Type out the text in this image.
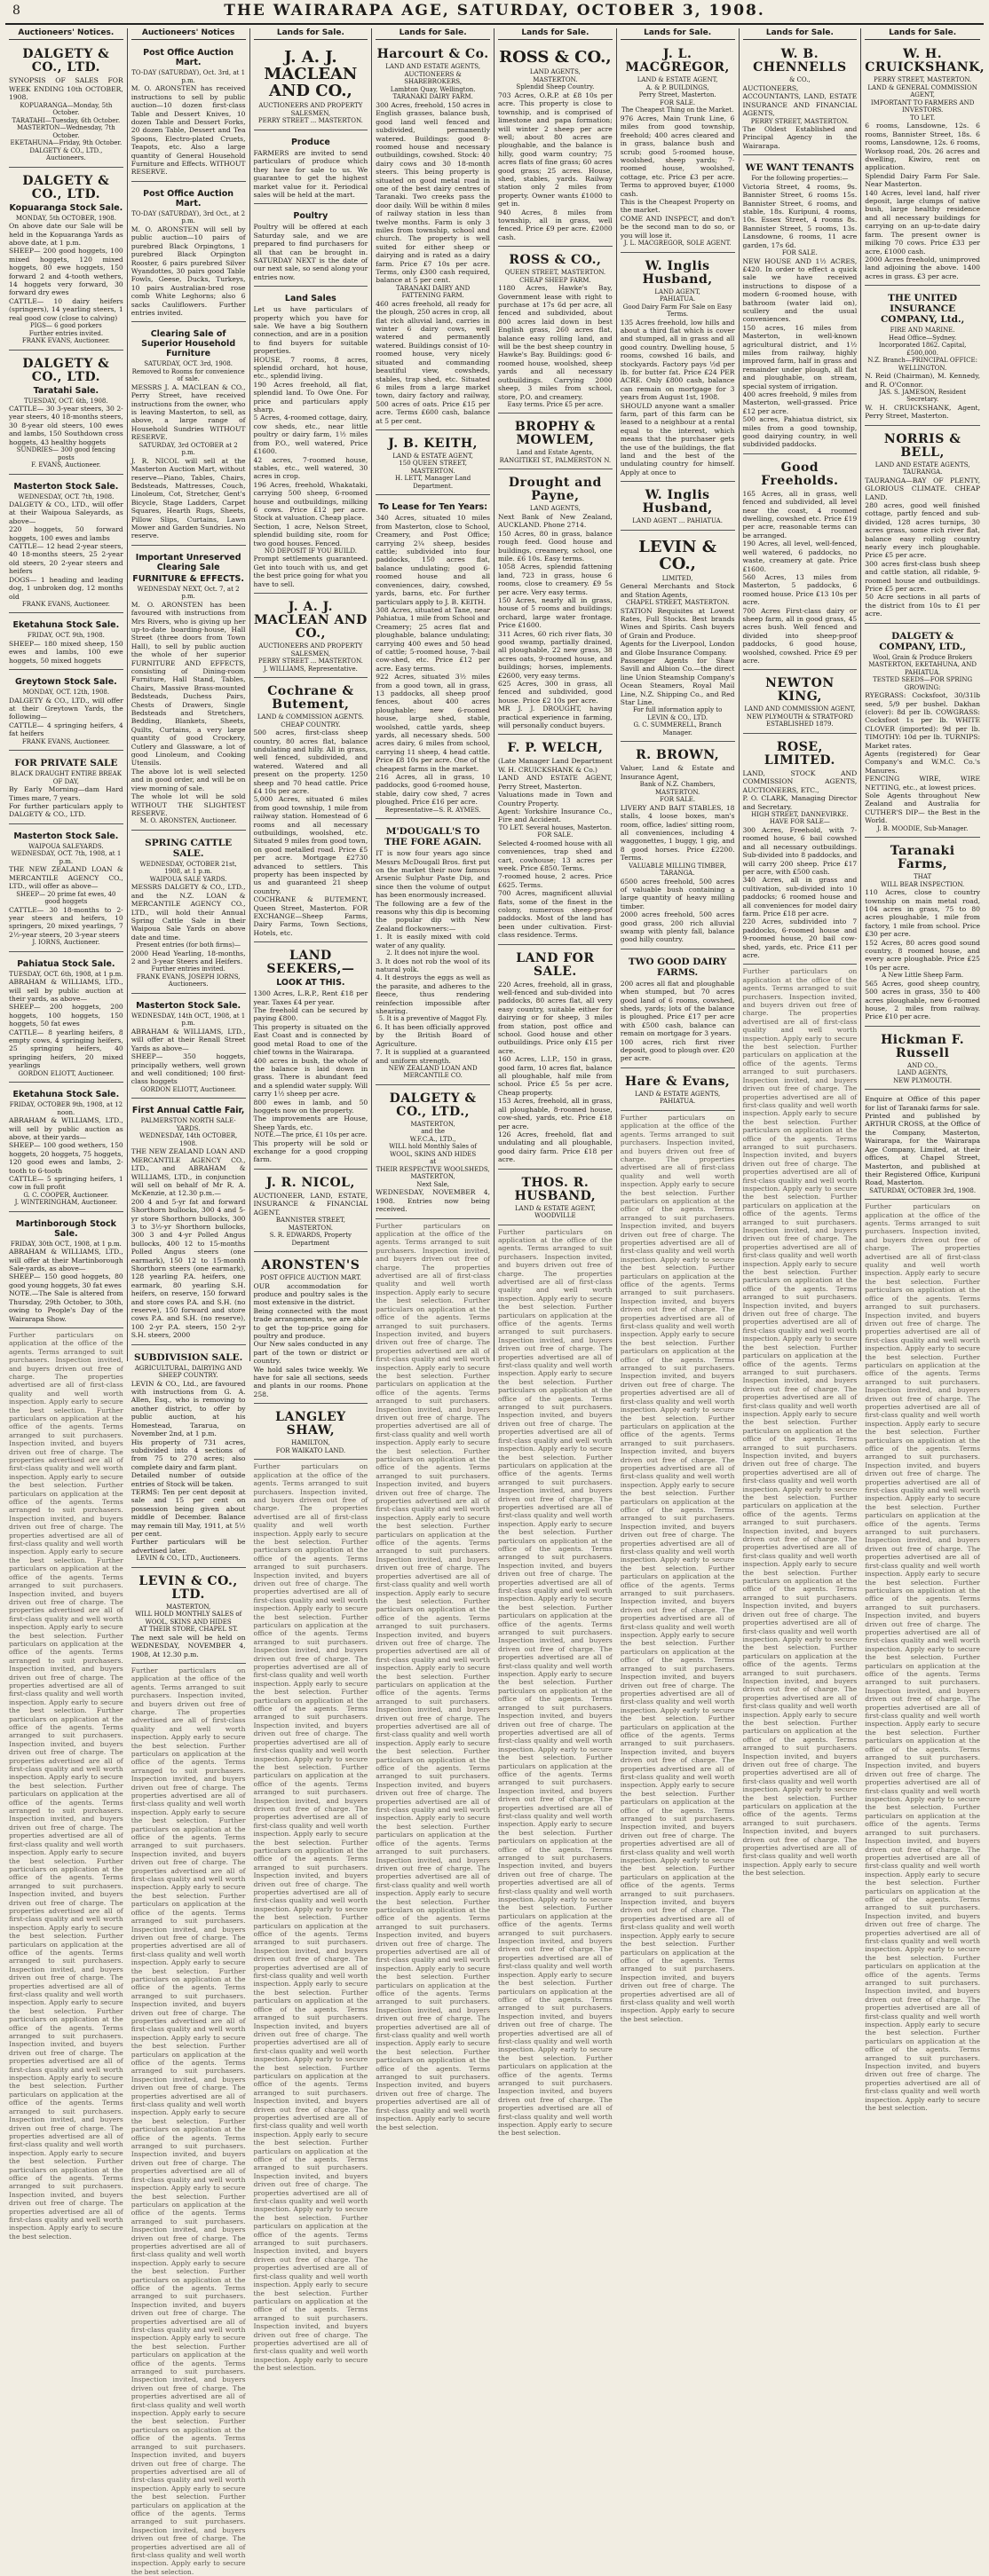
8	THE WAIRARAPA AGE, SATURDAY, OCTOBER 3, 1908.
Auctioneers' Notices.
DALGETY & CO., LTD.
SYNOPSIS OF SALES FOR WEEK ENDING 10th OCTOBER, 1908.
KOPUARANGA—Monday, 5th October.
TARATAHI—Tuesday, 6th October.
MASTERTON—Wednesday, 7th October.
EKETAHUNA—Friday, 9th October.
DALGETY & CO., LTD., Auctioneers.
DALGETY & CO., LTD.
Kopuaranga Stock Sale.
MONDAY, 5th OCTOBER, 1908.
On above date our Sale will be held in the Kopuaranga Yards as above date, at 1 p.m.
SHEEP— 200 good hoggets, 100 mixed hoggets, 120 mixed hoggets, 80 ewe hoggets, 150 forward 2 and 4-tooth wethers, 14 hoggets very forward, 30 forward dry ewes
CATTLE— 10 dairy heifers (springers), 14 yearling steers, 1 real good cow (close to calving)
PIGS— 6 good porkers
Further entries invited.
FRANK EVANS, Auctioneer.
DALGETY & CO., LTD.
Taratahi Sale.
TUESDAY, OCT. 6th, 1908.
CATTLE— 30 3-year steers, 30 2-year steers, 40 18-months steers, 30 8-year old steers, 100 ewes and lambs, 150 Southdown cross hoggets, 43 healthy hoggets
SUNDRIES— 300 good fencing posts
F. EVANS, Auctioneer.
Masterton Stock Sale.
WEDNESDAY, OCT. 7th, 1908.
DALGETY & CO., LTD., will offer at their Waipoua Saleyards, as above—
220 hoggets, 50 forward hoggets, 100 ewes and lambs
CATTLE— 12 head 2-year steers, 40 18-months steers, 25 2-year old steers, 20 2-year steers and heifers
DOGS— 1 heading and leading dog, 1 unbroken dog, 12 months old
FRANK EVANS, Auctioneer.
Eketahuna Stock Sale.
FRIDAY, OCT. 9th, 1908.
SHEEP— 180 mixed sheep, 150 ewes and lambs, 100 ewe hoggets, 50 mixed hoggets
Greytown Stock Sale.
MONDAY, OCT. 12th, 1908.
DALGETY & CO., LTD., will offer at their Greytown Yards, the following—
CATTLE— 4 springing heifers, 4 fat heifers
FRANK EVANS, Auctioneer.
FOR PRIVATE SALE
BLACK DRAUGHT ENTIRE BREAK OF DAY,
By Early Morning—dam Hard Times mare, 7 years.
For further particulars apply to DALGETY & CO., LTD.
Masterton Stock Sale.
WAIPOUA SALEYARDS.
WEDNESDAY, OCT. 7th, 1908, at 1 p.m.
THE NEW ZEALAND LOAN & MERCANTILE AGENCY CO., LTD., will offer as above—
SHEEP— 20 prime fat ewes, 40 good hoggets
CATTLE— 30 18-months to 2-year steers and heifers, 10 springers, 20 mixed yearlings, 7 2½-year steers, 20 3-year steers
J. IORNS, Auctioneer.
Pahiatua Stock Sale.
TUESDAY, OCT. 6th, 1908, at 1 p.m.
ABRAHAM & WILLIAMS, LTD., will sell by public auction at their yards, as above—
SHEEP— 200 hoggets, 200 hoggets, 100 hoggets, 150 hoggets, 50 fat ewes
CATTLE— 8 yearling heifers, 8 empty cows, 4 springing heifers, 25 springing heifers, 40 springing heifers, 20 mixed yearlings
GORDON ELIOTT, Auctioneer.
Eketahuna Stock Sale.
FRIDAY, OCTOBER 9th, 1908, at 12 noon.
ABRAHAM & WILLIAMS, LTD., will sell by public auction as above, at their yards—
SHEEP— 100 good wethers, 150 hoggets, 20 hoggets, 75 hoggets, 120 good ewes and lambs, 2-tooth to 6-tooth
CATTLE— 5 springing heifers, 1 cow in full profit
G. C. COOPER, Auctioneer.
J. WINTERINGHAM, Auctioneer.
Martinborough Stock Sale.
FRIDAY, 30th OCT., 1908, at 1 p.m.
ABRAHAM & WILLIAMS, LTD., will offer at their Martinborough Sale-yards, as above—
SHEEP— 150 good hoggets, 80 good young hoggets, 30 fat ewes
NOTE.—The Sale is altered from Thursday, 29th October, to 30th, owing to People's Day of the Wairarapa Show.
Further particulars on application at the office of the agents. Terms arranged to suit purchasers. Inspection invited, and buyers driven out free of charge. The properties advertised are all of first-class quality and well worth inspection. Apply early to secure the best selection. Further particulars on application at the office of the agents. Terms arranged to suit purchasers. Inspection invited, and buyers driven out free of charge. The properties advertised are all of first-class quality and well worth inspection. Apply early to secure the best selection. Further particulars on application at the office of the agents. Terms arranged to suit purchasers. Inspection invited, and buyers driven out free of charge. The properties advertised are all of first-class quality and well worth inspection. Apply early to secure the best selection. Further particulars on application at the office of the agents. Terms arranged to suit purchasers. Inspection invited, and buyers driven out free of charge. The properties advertised are all of first-class quality and well worth inspection. Apply early to secure the best selection. Further particulars on application at the office of the agents. Terms arranged to suit purchasers. Inspection invited, and buyers driven out free of charge. The properties advertised are all of first-class quality and well worth inspection. Apply early to secure the best selection. Further particulars on application at the office of the agents. Terms arranged to suit purchasers. Inspection invited, and buyers driven out free of charge. The properties advertised are all of first-class quality and well worth inspection. Apply early to secure the best selection. Further particulars on application at the office of the agents. Terms arranged to suit purchasers. Inspection invited, and buyers driven out free of charge. The properties advertised are all of first-class quality and well worth inspection. Apply early to secure the best selection. Further particulars on application at the office of the agents. Terms arranged to suit purchasers. Inspection invited, and buyers driven out free of charge. The properties advertised are all of first-class quality and well worth inspection. Apply early to secure the best selection. Further particulars on application at the office of the agents. Terms arranged to suit purchasers. Inspection invited, and buyers driven out free of charge. The properties advertised are all of first-class quality and well worth inspection. Apply early to secure the best selection. Further particulars on application at the office of the agents. Terms arranged to suit purchasers. Inspection invited, and buyers driven out free of charge. The properties advertised are all of first-class quality and well worth inspection. Apply early to secure the best selection. Further particulars on application at the office of the agents. Terms arranged to suit purchasers. Inspection invited, and buyers driven out free of charge. The properties advertised are all of first-class quality and well worth inspection. Apply early to secure the best selection. Further particulars on application at the office of the agents. Terms arranged to suit purchasers. Inspection invited, and buyers driven out free of charge. The properties advertised are all of first-class quality and well worth inspection. Apply early to secure the best selection.
Auctioneers' Notices
Post Office Auction Mart.
TO-DAY (SATURDAY), Oct. 3rd, at 1 p.m.
M. O. ARONSTEN has received instructions to sell by public auction—10 dozen first-class Table and Dessert Knives, 10 dozen Table and Dessert Forks, 20 dozen Table, Dessert and Tea Spoons, Electro-plated Cruets, Teapots, etc. Also a large quantity of General Household Furniture and Effects. WITHOUT RESERVE.
Post Office Auction Mart.
TO-DAY (SATURDAY), 3rd Oct., at 2 p.m.
M. O. ARONSTEN will sell by public auction—10 pairs of purebred Black Orpingtons, 1 purebred Black Orpington Rooster, 6 pairs purebred Silver Wyandottes, 30 pairs good Table Fowls, Geese, Ducks, Turkeys, 10 pairs Australian-bred rose comb White Leghorns; also 6 sacks Cauliflowers. Further entries invited.
Clearing Sale of Superior Household Furniture
SATURDAY, OCT. 3rd, 1908.
Removed to Rooms for convenience of sale.
MESSRS J. A. MACLEAN & CO., Perry Street, have received instructions from the owner, who is leaving Masterton, to sell, as above, a large range of Household Sundries WITHOUT RESERVE.
SATURDAY, 3rd OCTOBER at 2 p.m.
J. R. NICOL will sell at the Masterton Auction Mart, without reserve—Piano, Tables, Chairs, Bedsteads, Mattresses, Couch, Linoleum, Cot, Stretcher, Gent's Bicycle, Stage Ladders, Carpet Squares, Hearth Rugs, Sheets, Pillow Slips, Curtains, Lawn Mower and Garden Sundries. No reserve.
Important Unreserved Clearing Sale
FURNITURE & EFFECTS.
WEDNESDAY NEXT, Oct. 7, at 2 p.m.
M. O. ARONSTEN has been favoured with instructions from Mrs Rivers, who is giving up her up-to-date boarding-house, Hall Street (three doors from Town Hall), to sell by public auction the whole of her superior FURNITURE AND EFFECTS, consisting of Dining-room Furniture, Hall Stand, Tables, Chairs, Massive Brass-mounted Bedsteads, Duchess Pairs, Chests of Drawers, Single Bedsteads and Stretchers, Bedding, Blankets, Sheets, Quilts, Curtains, a very large quantity of good Crockery, Cutlery and Glassware, a lot of good Linoleum, and Cooking Utensils.
The above lot is well selected and in good order, and will be on view morning of sale.
The whole lot will be sold WITHOUT THE SLIGHTEST RESERVE.
M. O. ARONSTEN, Auctioneer.
SPRING CATTLE SALE.
WEDNESDAY, OCTOBER 21st, 1908, at 1 p.m.
WAIPOUA SALE YARDS.
MESSRS DALGETY & CO., LTD., and the N.Z. LOAN & MERCANTILE AGENCY CO., LTD., will hold their Annual Spring Cattle Sale in their Waipoua Sale Yards on above date and time.
Present entries (for both firms)—
2000 Head Yearling, 18-months, 2 and 3-year Steers and Heifers.
Further entries invited.
FRANK EVANS, JOSEPH IORNS, Auctioneers.
Masterton Stock Sale.
WEDNESDAY, 14th OCT., 1908, at 1 p.m.
ABRAHAM & WILLIAMS, LTD., will offer at their Renall Street Yards as above—
SHEEP— 350 hoggets, principally wethers, well grown and well conditioned; 100 first-class hoggets
GORDON ELIOTT, Auctioneer.
First Annual Cattle Fair,
PALMERSTON NORTH SALE-YARDS.
WEDNESDAY, 14th OCTOBER, 1908.
THE NEW ZEALAND LOAN AND MERCANTILE AGENCY CO., LTD., and ABRAHAM & WILLIAMS, LTD., in conjunction will sell on behalf of Mr R. A. McKenzie, at 12.30 p.m.—
200 4 and 5-yr fat and forward Shorthorn bullocks, 300 4 and 5-yr store Shorthorn bullocks, 300 3 to 3½-yr Shorthorn bullocks, 300 3 and 4-yr Polled Angus bullocks, 400 12 to 15-months Polled Angus steers (one earmark), 150 12 to 15-month Shorthorn steers (one earmark), 128 yearling P.A. heifers, one earmark, 80 yearling S.H. heifers, on reserve, 150 forward and store cows P.A. and S.H. (no reserve), 150 forward and store cows P.A. and S.H. (no reserve), 100 2-yr P.A. steers, 150 2-yr S.H. steers, 2000
SUBDIVISION SALE.
AGRICULTURAL, DAIRYING AND SHEEP COUNTRY.
LEVIN & CO., Ltd., are favoured with instructions from G. A. Allen, Esq., who is removing to another district, to offer by public auction, at his Homestead, Tararua, on November 2nd, at 1 p.m.
His property of 731 acres, subdivided into 4 sections of from 75 to 270 acres; also complete dairy and farm plant.
Detailed number of outside entries of Stock will be taken.
TERMS: Ten per cent deposit at sale and 15 per cent on possession being given about middle of December. Balance may remain till May, 1911, at 5½ per cent.
Further particulars will be advertised later.
LEVIN & CO., LTD., Auctioneers.
LEVIN & CO., LTD.
MASTERTON,
WILL HOLD MONTHLY SALES of
WOOL, SKINS AND HIDES
AT THEIR STORE, CHAPEL ST.
The next sale will be held on WEDNESDAY, NOVEMBER 4, 1908, At 12.30 p.m.
Further particulars on application at the office of the agents. Terms arranged to suit purchasers. Inspection invited, and buyers driven out free of charge. The properties advertised are all of first-class quality and well worth inspection. Apply early to secure the best selection. Further particulars on application at the office of the agents. Terms arranged to suit purchasers. Inspection invited, and buyers driven out free of charge. The properties advertised are all of first-class quality and well worth inspection. Apply early to secure the best selection. Further particulars on application at the office of the agents. Terms arranged to suit purchasers. Inspection invited, and buyers driven out free of charge. The properties advertised are all of first-class quality and well worth inspection. Apply early to secure the best selection. Further particulars on application at the office of the agents. Terms arranged to suit purchasers. Inspection invited, and buyers driven out free of charge. The properties advertised are all of first-class quality and well worth inspection. Apply early to secure the best selection. Further particulars on application at the office of the agents. Terms arranged to suit purchasers. Inspection invited, and buyers driven out free of charge. The properties advertised are all of first-class quality and well worth inspection. Apply early to secure the best selection. Further particulars on application at the office of the agents. Terms arranged to suit purchasers. Inspection invited, and buyers driven out free of charge. The properties advertised are all of first-class quality and well worth inspection. Apply early to secure the best selection. Further particulars on application at the office of the agents. Terms arranged to suit purchasers. Inspection invited, and buyers driven out free of charge. The properties advertised are all of first-class quality and well worth inspection. Apply early to secure the best selection. Further particulars on application at the office of the agents. Terms arranged to suit purchasers. Inspection invited, and buyers driven out free of charge. The properties advertised are all of first-class quality and well worth inspection. Apply early to secure the best selection. Further particulars on application at the office of the agents. Terms arranged to suit purchasers. Inspection invited, and buyers driven out free of charge. The properties advertised are all of first-class quality and well worth inspection. Apply early to secure the best selection. Further particulars on application at the office of the agents. Terms arranged to suit purchasers. Inspection invited, and buyers driven out free of charge. The properties advertised are all of first-class quality and well worth inspection. Apply early to secure the best selection. Further particulars on application at the office of the agents. Terms arranged to suit purchasers. Inspection invited, and buyers driven out free of charge. The properties advertised are all of first-class quality and well worth inspection. Apply early to secure the best selection. Further particulars on application at the office of the agents. Terms arranged to suit purchasers. Inspection invited, and buyers driven out free of charge. The properties advertised are all of first-class quality and well worth inspection. Apply early to secure the best selection.
Lands for Sale.
J. A. J. MACLEAN AND CO.,
AUCTIONEERS AND PROPERTY SALESMEN,
PERRY STREET ... MASTERTON.
Produce
FARMERS are invited to send particulars of produce which they have for sale to us. We guarantee to get the highest market value for it. Periodical sales will be held at the mart.
Poultry
Poultry will be offered at each Saturday sale, and we are prepared to find purchasers for all that can be brought in. SATURDAY NEXT is the date of our next sale, so send along your entries now.
Land Sales
Let us have particulars of property which you have for sale. We have a big Southern connection, and are in a position to find buyers for suitable properties.
HOUSE, 7 rooms, 8 acres, splendid orchard, hot house, etc., splendid living.
190 Acres freehold, all flat, splendid land. To Owe One. For price and particulars apply sharp.
5 Acres, 4-roomed cottage, dairy, cow sheds, etc., near little poultry or dairy farm, 1½ miles from P.O., well watered, Price £1600.
42 acres, 7-roomed house, stables, etc., well watered, 30 acres in crop.
196 Acres, freehold, Whakataki, carrying 500 sheep, 6-roomed house and outbuildings, milking 6 cows. Price £12 per acre. Stock at valuation. Cheap place.
Section, 1 acre, Nelson Street, splendid building site, room for two good houses. Fenced.
NO DEPOSIT IF YOU BUILD.
Prompt settlements guaranteed. Get into touch with us, and get the best price going for what you have to sell.
J. A. J. MACLEAN AND CO.,
AUCTIONEERS AND PROPERTY SALESMEN,
PERRY STREET ... MASTERTON.
J. WILLIAMS, Representative.
Cochrane & Butement,
LAND & COMMISSION AGENTS.
CHEAP COUNTRY.
500 acres, first-class sheep country, 80 acres flat, balance undulating and hilly. All in grass, well fenced, subdivided, and watered. Watered and all present on the property. 1250 sheep and 70 head cattle. Price £4 10s per acre.
5,000 Acres, situated 6 miles from good township, 1 mile from railway station. Homestead of 6 rooms and all necessary outbuildings, woolshed, etc. Situated 9 miles from good town, on good metalled road. Price £5 per acre. Mortgage £2730 advanced to settlers. This property has been inspected by us and guaranteed 21 sheep country.
COCHRANE & BUTEMENT, Queen Street, Masterton. FOR EXCHANGE—Sheep Farms, Dairy Farms, Town Sections, Hotels, etc.
LAND SEEKERS,—
LOOK AT THIS.
1300 Acres, L.R.P., Rent £18 per year. Taxes £4 per year.
The freehold can be secured by paying £800.
This property is situated on the East Coast and is connected by good metal Road to one of the chief towns in the Wairarapa.
400 acres in bush, the whole of the balance is laid down in grass. There is abundant feed and a splendid water supply. Will carry 1½ sheep per acre.
800 ewes in lamb, and 50 hoggets now on the property.
The improvements are House, Sheep Yards, etc.
NOTE.—The price, £1 10s per acre.
This property will be sold or exchange for a good cropping farm.
J. R. NICOL,
AUCTIONEER, LAND, ESTATE, INSURANCE & FINANCIAL AGENT.
BANNISTER STREET, MASTERTON.
S. R. EDWARDS, Property Department
ARONSTEN'S
POST OFFICE AUCTION MART.
OUR accommodation for produce and poultry sales is the most extensive in the district.
Being connected with the most trade arrangements, we are able to get the top-price going for poultry and produce.
Our New sales conducted in any part of the town or district or country.
We hold sales twice weekly. We have for sale all sections, seeds and plants in our rooms. Phone 258.
LANGLEY SHAW,
HAMILTON,
FOR WAIKATO LAND.
Further particulars on application at the office of the agents. Terms arranged to suit purchasers. Inspection invited, and buyers driven out free of charge. The properties advertised are all of first-class quality and well worth inspection. Apply early to secure the best selection. Further particulars on application at the office of the agents. Terms arranged to suit purchasers. Inspection invited, and buyers driven out free of charge. The properties advertised are all of first-class quality and well worth inspection. Apply early to secure the best selection. Further particulars on application at the office of the agents. Terms arranged to suit purchasers. Inspection invited, and buyers driven out free of charge. The properties advertised are all of first-class quality and well worth inspection. Apply early to secure the best selection. Further particulars on application at the office of the agents. Terms arranged to suit purchasers. Inspection invited, and buyers driven out free of charge. The properties advertised are all of first-class quality and well worth inspection. Apply early to secure the best selection. Further particulars on application at the office of the agents. Terms arranged to suit purchasers. Inspection invited, and buyers driven out free of charge. The properties advertised are all of first-class quality and well worth inspection. Apply early to secure the best selection. Further particulars on application at the office of the agents. Terms arranged to suit purchasers. Inspection invited, and buyers driven out free of charge. The properties advertised are all of first-class quality and well worth inspection. Apply early to secure the best selection. Further particulars on application at the office of the agents. Terms arranged to suit purchasers. Inspection invited, and buyers driven out free of charge. The properties advertised are all of first-class quality and well worth inspection. Apply early to secure the best selection. Further particulars on application at the office of the agents. Terms arranged to suit purchasers. Inspection invited, and buyers driven out free of charge. The properties advertised are all of first-class quality and well worth inspection. Apply early to secure the best selection. Further particulars on application at the office of the agents. Terms arranged to suit purchasers. Inspection invited, and buyers driven out free of charge. The properties advertised are all of first-class quality and well worth inspection. Apply early to secure the best selection. Further particulars on application at the office of the agents. Terms arranged to suit purchasers. Inspection invited, and buyers driven out free of charge. The properties advertised are all of first-class quality and well worth inspection. Apply early to secure the best selection. Further particulars on application at the office of the agents. Terms arranged to suit purchasers. Inspection invited, and buyers driven out free of charge. The properties advertised are all of first-class quality and well worth inspection. Apply early to secure the best selection. Further particulars on application at the office of the agents. Terms arranged to suit purchasers. Inspection invited, and buyers driven out free of charge. The properties advertised are all of first-class quality and well worth inspection. Apply early to secure the best selection.
Lands for Sale.
Harcourt & Co.
LAND AND ESTATE AGENTS,
AUCTIONEERS & SHAREBROKERS,
Lambton Quay, Wellington.
TARANAKI DAIRY FARM.
300 Acres, freehold, 150 acres in English grasses, balance bush, good land well fenced and subdivided, permanently watered. Buildings: good 8-roomed house and necessary outbuildings, cowshed. Stock: 40 dairy cows and 30 18-month steers. This being property is situated on good metal road in one of the best dairy centres of Taranaki. Two creeks pass the door daily. Will be within 8 miles of railway station in less than twelve months. Farm is only 3 miles from township, school and church. The property is well suited for either sheep or dairying and is rated as a dairy farm. Price £7 10s per acre. Terms, only £300 cash required, balance at 5 per cent.
TARANAKI DAIRY AND FATTENING FARM.
460 acres freehold, all ready for the plough, 250 acres in crop, all flat rich alluvial land, carries in winter 6 dairy cows, well watered and permanently watered. Buildings consist of 10-roomed house, very nicely situated and commanding beautiful view, cowsheds, stables, trap shed, etc. Situated 6 miles from a large market town, dairy factory and railway, 500 acres of oats. Price £15 per acre. Terms £600 cash, balance at 5 per cent.
J. B. KEITH,
LAND & ESTATE AGENT,
150 QUEEN STREET, MASTERTON.
H. LETT, Manager Land Department.
To Lease for Ten Years:
340 Acres, situated 10 miles from Masterton, close to School, Creamery, and Post Office; carrying 2¼ sheep, besides cattle; subdivided into four paddocks, 150 acres flat, balance undulating; good 6-roomed house and all conveniences, dairy, cowshed, yards, barns, etc. For further particulars apply to J. B. KEITH.
308 Acres, situated at Tane, near Pahiatua, 1 mile from School and Creamery; 25 acres flat and ploughable, balance undulating; carrying 400 ewes and 50 head of cattle; 5-roomed house, 7-bail cow-shed, etc. Price £12 per acre. Easy terms.
922 Acres, situated 3½ miles from a good town, all in grass, 13 paddocks, all sheep proof fences, about 400 acres ploughable; new 6-roomed house, large shed, stable, woolshed, cattle yards, sheep yards, all necessary sheds. 500 acres dairy, 6 miles from school, carrying 11 sheep, 4 head cattle. Price £8 10s per acre. One of the cheapest farms in the market.
216 Acres, all in grass, 10 paddocks, good 6-roomed house, stable, dairy cow shed, 7 acres ploughed. Price £16 per acre.
Representative—S. R. AYMES.
M'DOUGALL'S TO THE FORE AGAIN.
IT is now four years ago since Messrs McDougall Bros. first put on the market their now famous Arsenic Sulphur Paste Dip, and since then the volume of output has been enormously increased.
The following are a few of the reasons why this dip is becoming the popular dip with New Zealand flockowners:—
1. It is easily mixed with cold water of any quality.
2. It does not injure the wool.
3. It does not rob the wool of its natural yolk.
4. It destroys the eggs as well as the parasite, and adheres to the fleece, thus rendering reinfection impossible after shearing.
5. It is a preventive of Maggot Fly.
6. It has been officially approved by the British Board of Agriculture.
7. It is supplied at a guaranteed and uniform strength.
NEW ZEALAND LOAN AND MERCANTILE CO.
DALGETY & CO., LTD.,
MASTERTON,
and the
W.F.C.A., LTD.,
WILL hold Monthly Sales of
WOOL, SKINS AND HIDES
at
THEIR RESPECTIVE WOOLSHEDS, MASTERTON,
Next Sale,
WEDNESDAY, NOVEMBER 4, 1908. Entries now being received.
Further particulars on application at the office of the agents. Terms arranged to suit purchasers. Inspection invited, and buyers driven out free of charge. The properties advertised are all of first-class quality and well worth inspection. Apply early to secure the best selection. Further particulars on application at the office of the agents. Terms arranged to suit purchasers. Inspection invited, and buyers driven out free of charge. The properties advertised are all of first-class quality and well worth inspection. Apply early to secure the best selection. Further particulars on application at the office of the agents. Terms arranged to suit purchasers. Inspection invited, and buyers driven out free of charge. The properties advertised are all of first-class quality and well worth inspection. Apply early to secure the best selection. Further particulars on application at the office of the agents. Terms arranged to suit purchasers. Inspection invited, and buyers driven out free of charge. The properties advertised are all of first-class quality and well worth inspection. Apply early to secure the best selection. Further particulars on application at the office of the agents. Terms arranged to suit purchasers. Inspection invited, and buyers driven out free of charge. The properties advertised are all of first-class quality and well worth inspection. Apply early to secure the best selection. Further particulars on application at the office of the agents. Terms arranged to suit purchasers. Inspection invited, and buyers driven out free of charge. The properties advertised are all of first-class quality and well worth inspection. Apply early to secure the best selection. Further particulars on application at the office of the agents. Terms arranged to suit purchasers. Inspection invited, and buyers driven out free of charge. The properties advertised are all of first-class quality and well worth inspection. Apply early to secure the best selection. Further particulars on application at the office of the agents. Terms arranged to suit purchasers. Inspection invited, and buyers driven out free of charge. The properties advertised are all of first-class quality and well worth inspection. Apply early to secure the best selection. Further particulars on application at the office of the agents. Terms arranged to suit purchasers. Inspection invited, and buyers driven out free of charge. The properties advertised are all of first-class quality and well worth inspection. Apply early to secure the best selection. Further particulars on application at the office of the agents. Terms arranged to suit purchasers. Inspection invited, and buyers driven out free of charge. The properties advertised are all of first-class quality and well worth inspection. Apply early to secure the best selection. Further particulars on application at the office of the agents. Terms arranged to suit purchasers. Inspection invited, and buyers driven out free of charge. The properties advertised are all of first-class quality and well worth inspection. Apply early to secure the best selection. Further particulars on application at the office of the agents. Terms arranged to suit purchasers. Inspection invited, and buyers driven out free of charge. The properties advertised are all of first-class quality and well worth inspection. Apply early to secure the best selection.
Lands for Sale.
ROSS & CO.,
LAND AGENTS,
MASTERTON.
Splendid Sheep Country.
703 Acres, O.R.P. at £8 10s per acre. This property is close to township, and is comprised of limestone and papa formation; will winter 2 sheep per acre well; about 80 acres are ploughable, and the balance is hilly, good warm country; 75 acres flats of fine grass; 60 acres good grass; 25 acres. House, shed, stables, yards. Railway station only 2 miles from property. Owner wants £1000 to get in.
940 Acres, 8 miles from township, all in grass, well fenced. Price £9 per acre. £2000 cash.
ROSS & CO.,
QUEEN STREET, MASTERTON.
CHEAP SHEEP FARM.
1180 Acres, Hawke's Bay, Government lease with right to purchase at 17s 6d per acre, all fenced and subdivided, about 800 acres laid down in best English grass, 260 acres flat, balance easy rolling land, and will be the best sheep country in Hawke's Bay. Buildings: good 6-roomed house, woolshed, sheep yards and all necessary outbuildings. Carrying 2000 sheep, 3 miles from school, store, P.O. and creamery.
Easy terms. Price £5 per acre.
BROPHY & MOWLEM,
Land and Estate Agents,
RANGITIKEI ST., PALMERSTON N.
Drought and Payne,
LAND AGENTS,
Next Bank of New Zealand, AUCKLAND. Phone 2714.
150 Acres, 80 in grass, balance rough feed. Good house and buildings, creamery, school, one mile. £6 10s. Easy terms.
1058 Acres, splendid fattening land, 723 in grass, house 6 rooms, close to creamery. £9 5s per acre. Very easy terms.
150 Acres, nearly all in grass, house of 5 rooms and buildings; orchard, large water frontage. Price £1600.
311 Acres, 60 rich river flats, 30 good swamp, partially drained, all ploughable, 22 new grass, 38 acres oats, 9-roomed house, and buildings; horses, implements. £2600, very easy terms.
625 Acres, 300 in grass, all fenced and subdivided, good house. Price £2 10s per acre.
MR J. J. DROUGHT, having practical experience in farming, will personally conduct buyers.
F. P. WELCH,
(Late Manager Land Department W. H. CRUICKSHANK & Co.)
LAND AND ESTATE AGENT, Perry Street, Masterton.
Valuations made in Town and Country Property.
Agent: Yorkshire Insurance Co., Fire and Accident.
TO LET. Several houses, Masterton.
FOR SALE.
Selected 4-roomed house with all conveniences, trap shed and cart, cowhouse; 13 acres per week. Price £850. Terms.
7-roomed house, 2 acres. Price £625. Terms.
700 Acres, magnificent alluvial flats, some of the finest in the colony, numerous sheep-proof paddocks. Most of the land has been under cultivation. First-class residence. Terms.
LAND FOR SALE.
220 Acres, freehold, all in grass, well-fenced and sub-divided into paddocks, 80 acres flat, all very easy country, suitable either for dairying or for sheep, 3 miles from station, post office and school. Good house and other outbuildings. Price only £15 per acre.
160 Acres, L.I.P., 150 in grass, good farm, 10 acres flat, balance all ploughable, half mile from school. Price £5 5s per acre. Cheap property.
153 Acres, freehold, all in grass, all ploughable, 8-roomed house, cow-shed, yards, etc. Price £18 per acre.
126 Acres, freehold, flat and undulating and all ploughable, good dairy farm. Price £18 per acre.
THOS. R. HUSBAND,
LAND & ESTATE AGENT,
WOODVILLE
Further particulars on application at the office of the agents. Terms arranged to suit purchasers. Inspection invited, and buyers driven out free of charge. The properties advertised are all of first-class quality and well worth inspection. Apply early to secure the best selection. Further particulars on application at the office of the agents. Terms arranged to suit purchasers. Inspection invited, and buyers driven out free of charge. The properties advertised are all of first-class quality and well worth inspection. Apply early to secure the best selection. Further particulars on application at the office of the agents. Terms arranged to suit purchasers. Inspection invited, and buyers driven out free of charge. The properties advertised are all of first-class quality and well worth inspection. Apply early to secure the best selection. Further particulars on application at the office of the agents. Terms arranged to suit purchasers. Inspection invited, and buyers driven out free of charge. The properties advertised are all of first-class quality and well worth inspection. Apply early to secure the best selection. Further particulars on application at the office of the agents. Terms arranged to suit purchasers. Inspection invited, and buyers driven out free of charge. The properties advertised are all of first-class quality and well worth inspection. Apply early to secure the best selection. Further particulars on application at the office of the agents. Terms arranged to suit purchasers. Inspection invited, and buyers driven out free of charge. The properties advertised are all of first-class quality and well worth inspection. Apply early to secure the best selection. Further particulars on application at the office of the agents. Terms arranged to suit purchasers. Inspection invited, and buyers driven out free of charge. The properties advertised are all of first-class quality and well worth inspection. Apply early to secure the best selection. Further particulars on application at the office of the agents. Terms arranged to suit purchasers. Inspection invited, and buyers driven out free of charge. The properties advertised are all of first-class quality and well worth inspection. Apply early to secure the best selection. Further particulars on application at the office of the agents. Terms arranged to suit purchasers. Inspection invited, and buyers driven out free of charge. The properties advertised are all of first-class quality and well worth inspection. Apply early to secure the best selection. Further particulars on application at the office of the agents. Terms arranged to suit purchasers. Inspection invited, and buyers driven out free of charge. The properties advertised are all of first-class quality and well worth inspection. Apply early to secure the best selection. Further particulars on application at the office of the agents. Terms arranged to suit purchasers. Inspection invited, and buyers driven out free of charge. The properties advertised are all of first-class quality and well worth inspection. Apply early to secure the best selection. Further particulars on application at the office of the agents. Terms arranged to suit purchasers. Inspection invited, and buyers driven out free of charge. The properties advertised are all of first-class quality and well worth inspection. Apply early to secure the best selection.
Lands for Sale.
J. L. MACGREGOR,
LAND & ESTATE AGENT,
A. & P. BUILDINGS,
Perry Street, Masterton.
FOR SALE.
The Cheapest Thing on the Market.
976 Acres, Main Trunk Line, 6 miles from good township, freehold; 400 acres cleared and in grass, balance bush and scrub; good 5-roomed house, woolshed, sheep yards; 7-roomed house, woolshed, cottage, etc. Price £3 per acre. Terms to approved buyer, £1000 cash.
This is the Cheapest Property on the market.
COME AND INSPECT, and don't be the second man to do so, or you will lose it.
J. L. MACGREGOR, SOLE AGENT.
W. Inglis Husband,
LAND AGENT,
PAHIATUA.
Good Dairy Farm For Sale on Easy Terms.
135 Acres freehold, low hills and about a third flat which is cover and stumped, all in grass and all good country. Dwelling house, 5 rooms, cowshed 16 bails, and stockyards. Factory pays ½d per lb. for butter fat. Price £24 PER ACRE. Only £800 cash, balance can remain on mortgage for 3 years from August 1st, 1908.
SHOULD anyone want a smaller farm, part of this farm can be leased to a neighbour at a rental equal to the interest, which means that the purchaser gets the use of the buildings, the flat land and the best of the undulating country for himself. Apply at once to
W. Inglis Husband,
LAND AGENT ... PAHIATUA.
LEVIN & CO.,
LIMITED,
General Merchants and Stock and Station Agents,
CHAPEL STREET, MASTERTON.
STATION Requisites at Lowest Rates, Full Stocks. Best brands Wines and Spirits. Cash buyers of Grain and Produce.
Agents for the Liverpool, London and Globe Insurance Company.
Passenger Agents for Shaw Savill and Albion Co.—the direct line Union Steamship Company's Ocean Steamers, Royal Mail Line, N.Z. Shipping Co., and Red Star Line.
For full information apply to
LEVIN & CO., LTD.
G. C. SUMMERELL, Branch Manager.
R. BROWN,
Valuer, Land & Estate and Insurance Agent,
Bank of N.Z. Chambers,
MASTERTON.
FOR SALE.
LIVERY AND BAIT STABLES, 18 stalls, 4 loose boxes, man's room, office, ladies' sitting room, all conveniences, including 4 waggonettes, 1 buggy, 1 gig, and 8 good horses. Price £2200. Terms.
VALUABLE MILLING TIMBER, TARANGA.
6500 acres freehold, 500 acres of valuable bush containing a large quantity of heavy milling timber.
2000 acres freehold, 500 acres good grass, 200 rich alluvial swamp with plenty fall, balance good hilly country.
TWO GOOD DAIRY FARMS.
200 acres all flat and ploughable when stumped, but 70 acres good land of 6 rooms, cowshed, sheds, yards; lots of the balance is ploughed. Price £17 per acre with £500 cash, balance can remain on mortgage for 3 years.
100 acres, rich first river deposit, good to plough over. £20 per acre.
Hare & Evans,
LAND & ESTATE AGENTS,
PAHIATUA.
Further particulars on application at the office of the agents. Terms arranged to suit purchasers. Inspection invited, and buyers driven out free of charge. The properties advertised are all of first-class quality and well worth inspection. Apply early to secure the best selection. Further particulars on application at the office of the agents. Terms arranged to suit purchasers. Inspection invited, and buyers driven out free of charge. The properties advertised are all of first-class quality and well worth inspection. Apply early to secure the best selection. Further particulars on application at the office of the agents. Terms arranged to suit purchasers. Inspection invited, and buyers driven out free of charge. The properties advertised are all of first-class quality and well worth inspection. Apply early to secure the best selection. Further particulars on application at the office of the agents. Terms arranged to suit purchasers. Inspection invited, and buyers driven out free of charge. The properties advertised are all of first-class quality and well worth inspection. Apply early to secure the best selection. Further particulars on application at the office of the agents. Terms arranged to suit purchasers. Inspection invited, and buyers driven out free of charge. The properties advertised are all of first-class quality and well worth inspection. Apply early to secure the best selection. Further particulars on application at the office of the agents. Terms arranged to suit purchasers. Inspection invited, and buyers driven out free of charge. The properties advertised are all of first-class quality and well worth inspection. Apply early to secure the best selection. Further particulars on application at the office of the agents. Terms arranged to suit purchasers. Inspection invited, and buyers driven out free of charge. The properties advertised are all of first-class quality and well worth inspection. Apply early to secure the best selection. Further particulars on application at the office of the agents. Terms arranged to suit purchasers. Inspection invited, and buyers driven out free of charge. The properties advertised are all of first-class quality and well worth inspection. Apply early to secure the best selection. Further particulars on application at the office of the agents. Terms arranged to suit purchasers. Inspection invited, and buyers driven out free of charge. The properties advertised are all of first-class quality and well worth inspection. Apply early to secure the best selection. Further particulars on application at the office of the agents. Terms arranged to suit purchasers. Inspection invited, and buyers driven out free of charge. The properties advertised are all of first-class quality and well worth inspection. Apply early to secure the best selection. Further particulars on application at the office of the agents. Terms arranged to suit purchasers. Inspection invited, and buyers driven out free of charge. The properties advertised are all of first-class quality and well worth inspection. Apply early to secure the best selection. Further particulars on application at the office of the agents. Terms arranged to suit purchasers. Inspection invited, and buyers driven out free of charge. The properties advertised are all of first-class quality and well worth inspection. Apply early to secure the best selection.
Lands for Sale.
W. B. CHENNELLS
& CO.,
AUCTIONEERS, ACCOUNTANTS, LAND, ESTATE INSURANCE AND FINANCIAL AGENTS,
PERRY STREET, MASTERTON.
The Oldest Established and Principal Agency in the Wairarapa.
WE WANT TENANTS
For the following properties:—
Victoria Street, 4 rooms, 9s. Bannister Street, 6 rooms 15s. Bannister Street, 6 rooms, and stable, 18s. Kuripuni, 4 rooms, 10s. Essex Street, 4 rooms 8s. Bannister Street, 5 rooms, 13s. Lansdowne, 6 rooms, 11 acre garden, 17s 6d.
FOR SALE.
NEW HOUSE AND 1½ ACRES, £420. In order to effect a quick sale we have received instructions to dispose of a modern 6-roomed house, with bathroom (water laid on), scullery and the usual conveniences.
150 acres, 16 miles from Masterton, in well-known agricultural district, and 1½ miles from railway, highly improved farm, half in grass and remainder under plough, all flat and ploughable, on stream, special system of irrigation.
400 acres freehold, 9 miles from Masterton, well-grassed. Price £12 per acre.
500 acres, Pahiatua district, six miles from a good township, good dairying country, in well subdivided paddocks.
Good Freeholds.
165 Acres, all in grass, well fenced and subdivided, all level near the coast, 4 roomed dwelling, cowshed etc. Price £19 per acre, reasonable terms can be arranged.
190 Acres, all level, well-fenced, well watered, 6 paddocks, no waste, creamery at gate. Price £1600.
560 Acres, 13 miles from Masterton, 5 paddocks, 6 roomed house. Price £13 10s per acre.
700 Acres First-class dairy or sheep farm, all in good grass, 45 acres bush. Well fenced and divided into sheep-proof paddocks, 6 good house, woolshed, cowshed. Price £9 per acre.
NEWTON KING,
LAND AND COMMISSION AGENT,
NEW PLYMOUTH & STRATFORD
ESTABLISHED 1879.
ROSE, LIMITED.
LAND, STOCK AND COMMISSION AGENTS, AUCTIONEERS, ETC.,
P. O. CLARK, Managing Director and Secretary.
HIGH STREET, DANNEVIRKE.
HAVE FOR SALE—
300 Acres, Freehold, with 7-roomed house, 6 bail cowshed and all necessary outbuildings. Sub-divided into 8 paddocks, and will carry 200 sheep. Price £17 per acre, with £500 cash.
340 Acres, all in grass and cultivation, sub-divided into 10 paddocks; 6 roomed house and all conveniences for model dairy farm. Price £18 per acre.
220 Acres, subdivided into 7 paddocks, 6-roomed house and 9-roomed house, 20 bail cow-shed, yards, etc. Price £11 per acre.
Further particulars on application at the office of the agents. Terms arranged to suit purchasers. Inspection invited, and buyers driven out free of charge. The properties advertised are all of first-class quality and well worth inspection. Apply early to secure the best selection. Further particulars on application at the office of the agents. Terms arranged to suit purchasers. Inspection invited, and buyers driven out free of charge. The properties advertised are all of first-class quality and well worth inspection. Apply early to secure the best selection. Further particulars on application at the office of the agents. Terms arranged to suit purchasers. Inspection invited, and buyers driven out free of charge. The properties advertised are all of first-class quality and well worth inspection. Apply early to secure the best selection. Further particulars on application at the office of the agents. Terms arranged to suit purchasers. Inspection invited, and buyers driven out free of charge. The properties advertised are all of first-class quality and well worth inspection. Apply early to secure the best selection. Further particulars on application at the office of the agents. Terms arranged to suit purchasers. Inspection invited, and buyers driven out free of charge. The properties advertised are all of first-class quality and well worth inspection. Apply early to secure the best selection. Further particulars on application at the office of the agents. Terms arranged to suit purchasers. Inspection invited, and buyers driven out free of charge. The properties advertised are all of first-class quality and well worth inspection. Apply early to secure the best selection. Further particulars on application at the office of the agents. Terms arranged to suit purchasers. Inspection invited, and buyers driven out free of charge. The properties advertised are all of first-class quality and well worth inspection. Apply early to secure the best selection. Further particulars on application at the office of the agents. Terms arranged to suit purchasers. Inspection invited, and buyers driven out free of charge. The properties advertised are all of first-class quality and well worth inspection. Apply early to secure the best selection. Further particulars on application at the office of the agents. Terms arranged to suit purchasers. Inspection invited, and buyers driven out free of charge. The properties advertised are all of first-class quality and well worth inspection. Apply early to secure the best selection. Further particulars on application at the office of the agents. Terms arranged to suit purchasers. Inspection invited, and buyers driven out free of charge. The properties advertised are all of first-class quality and well worth inspection. Apply early to secure the best selection. Further particulars on application at the office of the agents. Terms arranged to suit purchasers. Inspection invited, and buyers driven out free of charge. The properties advertised are all of first-class quality and well worth inspection. Apply early to secure the best selection. Further particulars on application at the office of the agents. Terms arranged to suit purchasers. Inspection invited, and buyers driven out free of charge. The properties advertised are all of first-class quality and well worth inspection. Apply early to secure the best selection.
Lands for Sale.
W. H. CRUICKSHANK,
PERRY STREET, MASTERTON.
LAND & GENERAL COMMISSION AGENT,
IMPORTANT TO FARMERS AND INVESTORS.
TO LET.
6 rooms, Lansdowne, 12s. 6 rooms, Bannister Street, 18s. 6 rooms, Lansdowne, 12s. 6 rooms, Worksop road, 20s. 26 acres and dwelling, Kiwiro, rent on application.
Splendid Dairy Farm For Sale. Near Masterton.
140 Acres, level land, half river deposit, large clumps of native bush, large healthy residence and all necessary buildings for carrying on an up-to-date dairy farm. The present owner is milking 70 cows. Price £33 per acre, £1000 cash.
2000 Acres freehold, unimproved land adjoining the above. 1400 acres in grass. £3 per acre.
THE UNITED INSURANCE COMPANY, Ltd.,
FIRE AND MARINE.
Head Office—Sydney.
Incorporated 1862. Capital, £500,000.
N.Z. Branch—PRINCIPAL OFFICE: WELLINGTON.
N. Reid (Chairman), M. Kennedy, and R. O'Connor.
JAS. S. JAMESON, Resident Secretary.
W. H. CRUICKSHANK, Agent, Perry Street, Masterton.
NORRIS & BELL,
LAND AND ESTATE AGENTS, TAURANGA.
TAURANGA—BAY OF PLENTY, GLORIOUS CLIMATE. CHEAP LAND.
280 acres, good well finished cottage, partly fenced and sub-divided, 128 acres turnips, 30 acres grass, some rich river flat, balance easy rolling country nearly every inch ploughable. Price £5 per acre.
300 acres first-class bush sheep and cattle station, all ridable, 9-roomed house and outbuildings. Price £5 per acre.
50 Acre sections in all parts of the district from 10s to £1 per acre.
DALGETY & COMPANY, LTD.,
Wool, Grain & Produce Brokers
MASTERTON, EKETAHUNA, AND PAHIATUA.
TESTED SEEDS—FOR SPRING GROWING:
RYEGRASS: Cocksfoot, 30/31lb seed, 5/9 per bushel. Dakhan (clover): 8d per lb. COWGRASS: Cocksfoot 1s per lb. WHITE CLOVER (imported): 9d per lb. TIMOTHY: 10d per lb. TURNIPS: Market rates.
Agents (registered) for Gear Company's and W.M.C. Co.'s Manures.
FENCING WIRE, WIRE NETTING, etc., at lowest prices.
Sole Agents throughout New Zealand and Australia for CUTHER'S DIP— the Best in the World.
J. B. MOODIE, Sub-Manager.
Taranaki Farms,
THAT
WILL BEAR INSPECTION.
110 Acres, close to country township on main metal road, 104 acres in grass, 75 to 80 acres ploughable, 1 mile from factory, 1 mile from school. Price £30 per acre.
152 Acres, 80 acres good sound country, 8 roomed house, and every acre ploughable. Price £25 10s per acre.
A New Little Sheep Farm.
565 Acres, good sheep country, 500 acres in grass, 350 to 400 acres ploughable, new 6-roomed house, 2 miles from railway. Price £10 per acre.
Hickman F. Russell
AND CO.,
LAND AGENTS,
NEW PLYMOUTH.
Enquire at Office of this paper for list of Taranaki farms for sale.
Printed and published by ARTHUR CROSS, at the Office of the Company, Masterton, Wairarapa, for the Wairarapa Age Company, Limited, at their offices, at Chapel Street, Masterton, and published at their Registered Office, Kuripuni Road, Masterton.
SATURDAY, OCTOBER 3rd, 1908.
Further particulars on application at the office of the agents. Terms arranged to suit purchasers. Inspection invited, and buyers driven out free of charge. The properties advertised are all of first-class quality and well worth inspection. Apply early to secure the best selection. Further particulars on application at the office of the agents. Terms arranged to suit purchasers. Inspection invited, and buyers driven out free of charge. The properties advertised are all of first-class quality and well worth inspection. Apply early to secure the best selection. Further particulars on application at the office of the agents. Terms arranged to suit purchasers. Inspection invited, and buyers driven out free of charge. The properties advertised are all of first-class quality and well worth inspection. Apply early to secure the best selection. Further particulars on application at the office of the agents. Terms arranged to suit purchasers. Inspection invited, and buyers driven out free of charge. The properties advertised are all of first-class quality and well worth inspection. Apply early to secure the best selection. Further particulars on application at the office of the agents. Terms arranged to suit purchasers. Inspection invited, and buyers driven out free of charge. The properties advertised are all of first-class quality and well worth inspection. Apply early to secure the best selection. Further particulars on application at the office of the agents. Terms arranged to suit purchasers. Inspection invited, and buyers driven out free of charge. The properties advertised are all of first-class quality and well worth inspection. Apply early to secure the best selection. Further particulars on application at the office of the agents. Terms arranged to suit purchasers. Inspection invited, and buyers driven out free of charge. The properties advertised are all of first-class quality and well worth inspection. Apply early to secure the best selection. Further particulars on application at the office of the agents. Terms arranged to suit purchasers. Inspection invited, and buyers driven out free of charge. The properties advertised are all of first-class quality and well worth inspection. Apply early to secure the best selection. Further particulars on application at the office of the agents. Terms arranged to suit purchasers. Inspection invited, and buyers driven out free of charge. The properties advertised are all of first-class quality and well worth inspection. Apply early to secure the best selection. Further particulars on application at the office of the agents. Terms arranged to suit purchasers. Inspection invited, and buyers driven out free of charge. The properties advertised are all of first-class quality and well worth inspection. Apply early to secure the best selection. Further particulars on application at the office of the agents. Terms arranged to suit purchasers. Inspection invited, and buyers driven out free of charge. The properties advertised are all of first-class quality and well worth inspection. Apply early to secure the best selection. Further particulars on application at the office of the agents. Terms arranged to suit purchasers. Inspection invited, and buyers driven out free of charge. The properties advertised are all of first-class quality and well worth inspection. Apply early to secure the best selection.
